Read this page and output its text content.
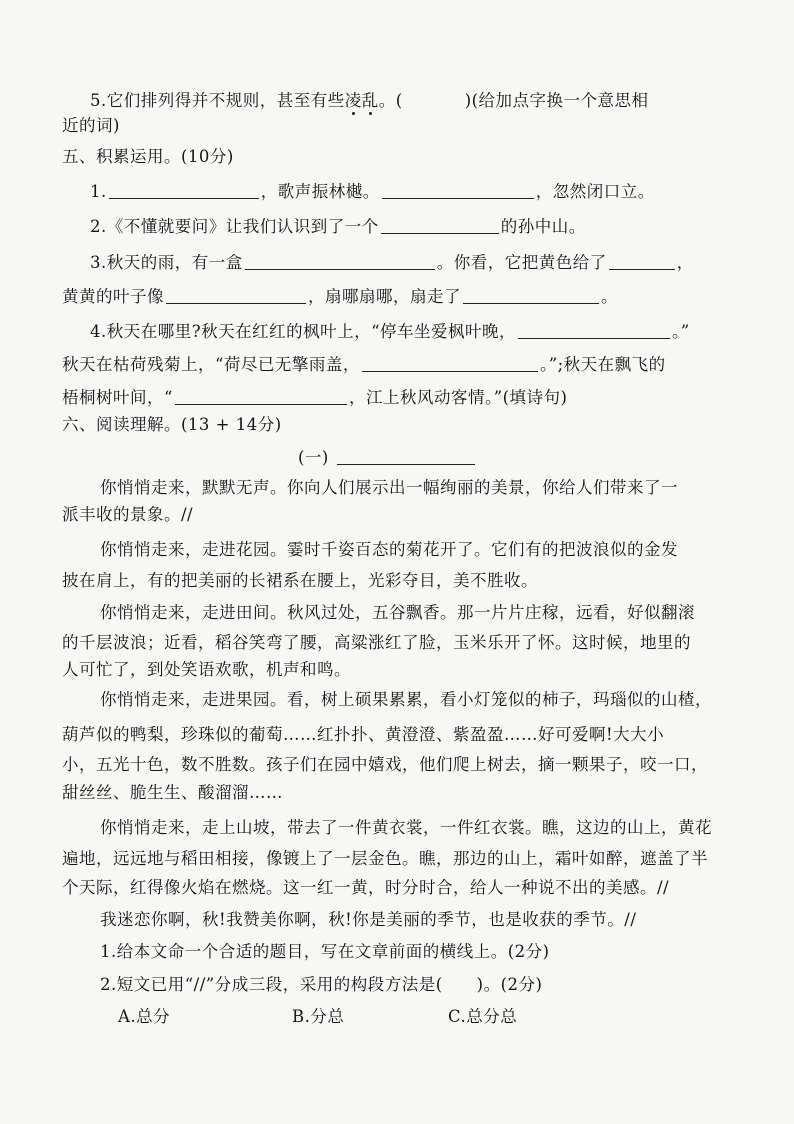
5.它们排列得并不规则，甚至有些凌乱。(	)(给加点字换一个意思相
近的词)
五、积累运用。(10分)
1.	，歌声振林樾。	，忽然闭口立。
2.《不懂就要问》让我们认识到了一个	的孙中山。
3.秋天的雨，有一盒	。你看，它把黄色给了	，
黄黄的叶子像	，扇哪扇哪，扇走了	。
4.秋天在哪里?秋天在红红的枫叶上，“停车坐爱枫叶晚，	。”
秋天在枯荷残菊上，“荷尽已无擎雨盖，	。”;秋天在飘飞的
梧桐树叶间，“	，江上秋风动客情。”(填诗句)
六、阅读理解。(13 + 14分)
(一)
你悄悄走来，默默无声。你向人们展示出一幅绚丽的美景，你给人们带来了一
派丰收的景象。//
你悄悄走来，走进花园。霎时千姿百态的菊花开了。它们有的把波浪似的金发
披在肩上，有的把美丽的长裙系在腰上，光彩夺目，美不胜收。
你悄悄走来，走进田间。秋风过处，五谷飘香。那一片片庄稼，远看，好似翻滚
的千层波浪；近看，稻谷笑弯了腰，高粱涨红了脸，玉米乐开了怀。这时候，地里的
人可忙了，到处笑语欢歌，机声和鸣。
你悄悄走来，走进果园。看，树上硕果累累，看小灯笼似的柿子，玛瑙似的山楂，
葫芦似的鸭梨，珍珠似的葡萄……红扑扑、黄澄澄、紫盈盈……好可爱啊!大大小
小，五光十色，数不胜数。孩子们在园中嬉戏，他们爬上树去，摘一颗果子，咬一口，
甜丝丝、脆生生、酸溜溜……
你悄悄走来，走上山坡，带去了一件黄衣裳，一件红衣裳。瞧，这边的山上，黄花
遍地，远远地与稻田相接，像镀上了一层金色。瞧，那边的山上，霜叶如醉，遮盖了半
个天际，红得像火焰在燃烧。这一红一黄，时分时合，给人一种说不出的美感。//
我迷恋你啊，秋!我赞美你啊，秋!你是美丽的季节，也是收获的季节。//
1.给本文命一个合适的题目，写在文章前面的横线上。(2分)
2.短文已用“//”分成三段，采用的构段方法是( )。(2分)
A.总分	B.分总	C.总分总
